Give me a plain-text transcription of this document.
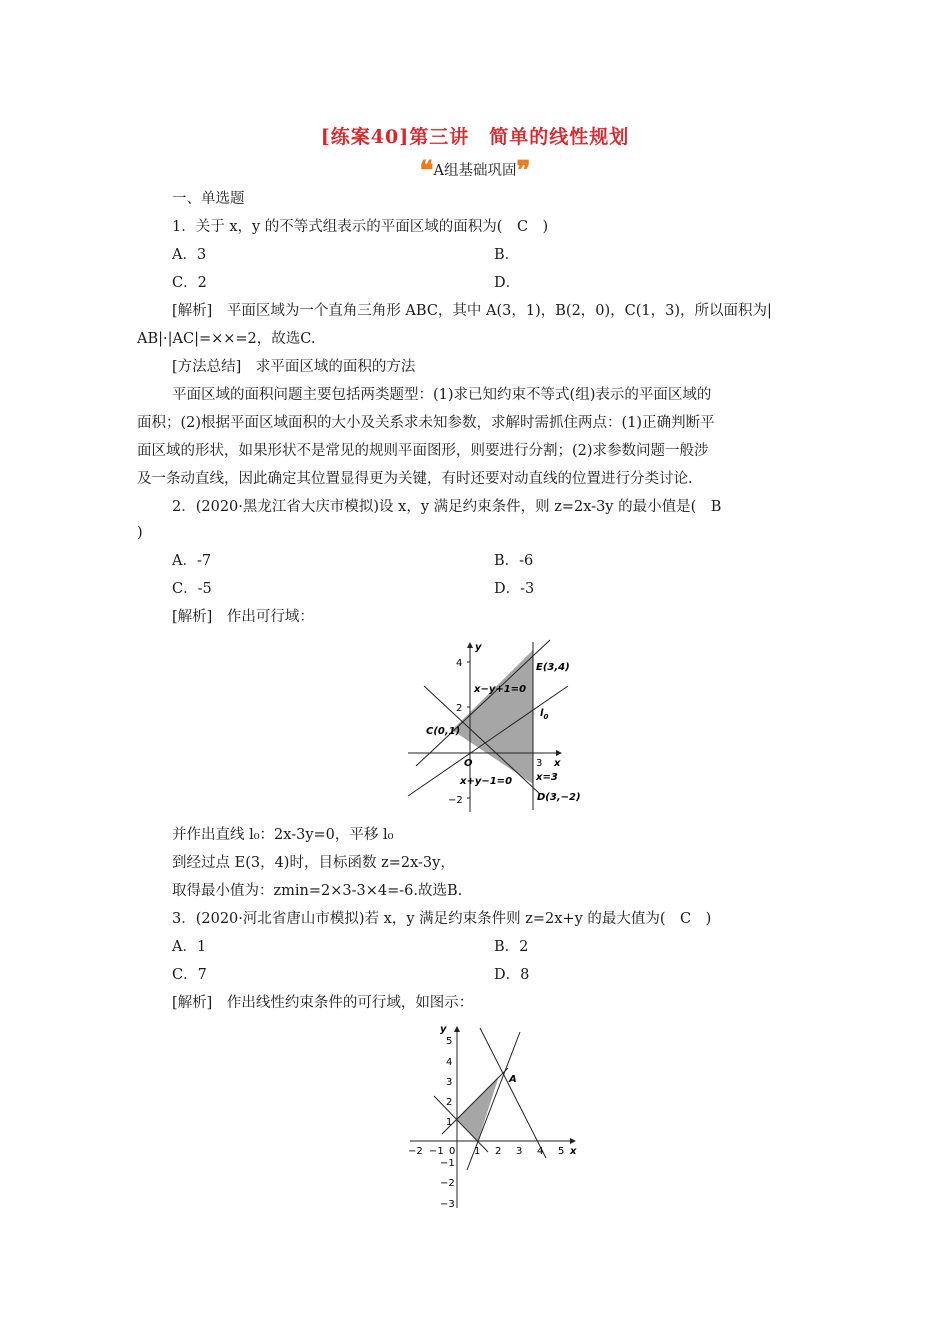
[练案40]第三讲　简单的线性规划
❝A组基础巩固❞
一、单选题
1．关于 x，y 的不等式组表示的平面区域的面积为(　C　)
A．3	B．
C．2	D．
[解析]　平面区域为一个直角三角形 ABC，其中 A(3，1)，B(2，0)，C(1，3)，所以面积为|
AB|·|AC|=××=2，故选C.
[方法总结]　求平面区域的面积的方法
平面区域的面积问题主要包括两类题型：(1)求已知约束不等式(组)表示的平面区域的
面积；(2)根据平面区域面积的大小及关系求未知参数，求解时需抓住两点：(1)正确判断平
面区域的形状，如果形状不是常见的规则平面图形，则要进行分割；(2)求参数问题一般涉
及一条动直线，因此确定其位置显得更为关键，有时还要对动直线的位置进行分类讨论.
2．(2020·黑龙江省大庆市模拟)设 x，y 满足约束条件，则 z=2x-3y 的最小值是(　B
)
A．-7	B．-6
C．-5	D．-3
[解析]　作出可行域：
y
x
O
4
2
−2
3
E(3,4)
x−y+1=0
$l_0$
C(0,1)
x=3
x+y−1=0
D(3,−2)
并作出直线 l₀：2x-3y=0，平移 l₀
到经过点 E(3，4)时，目标函数 z=2x-3y，
取得最小值为：zmin=2×3-3×4=-6.故选B.
3．(2020·河北省唐山市模拟)若 x，y 满足约束条件则 z=2x+y 的最大值为(　C　)
A．1	B．2
C．7	D．8
[解析]　作出线性约束条件的可行域，如图示：
y
x
A
5
4
3
2
1
−1
−2
−3
−2 −1 0 1 2 3 4 5
